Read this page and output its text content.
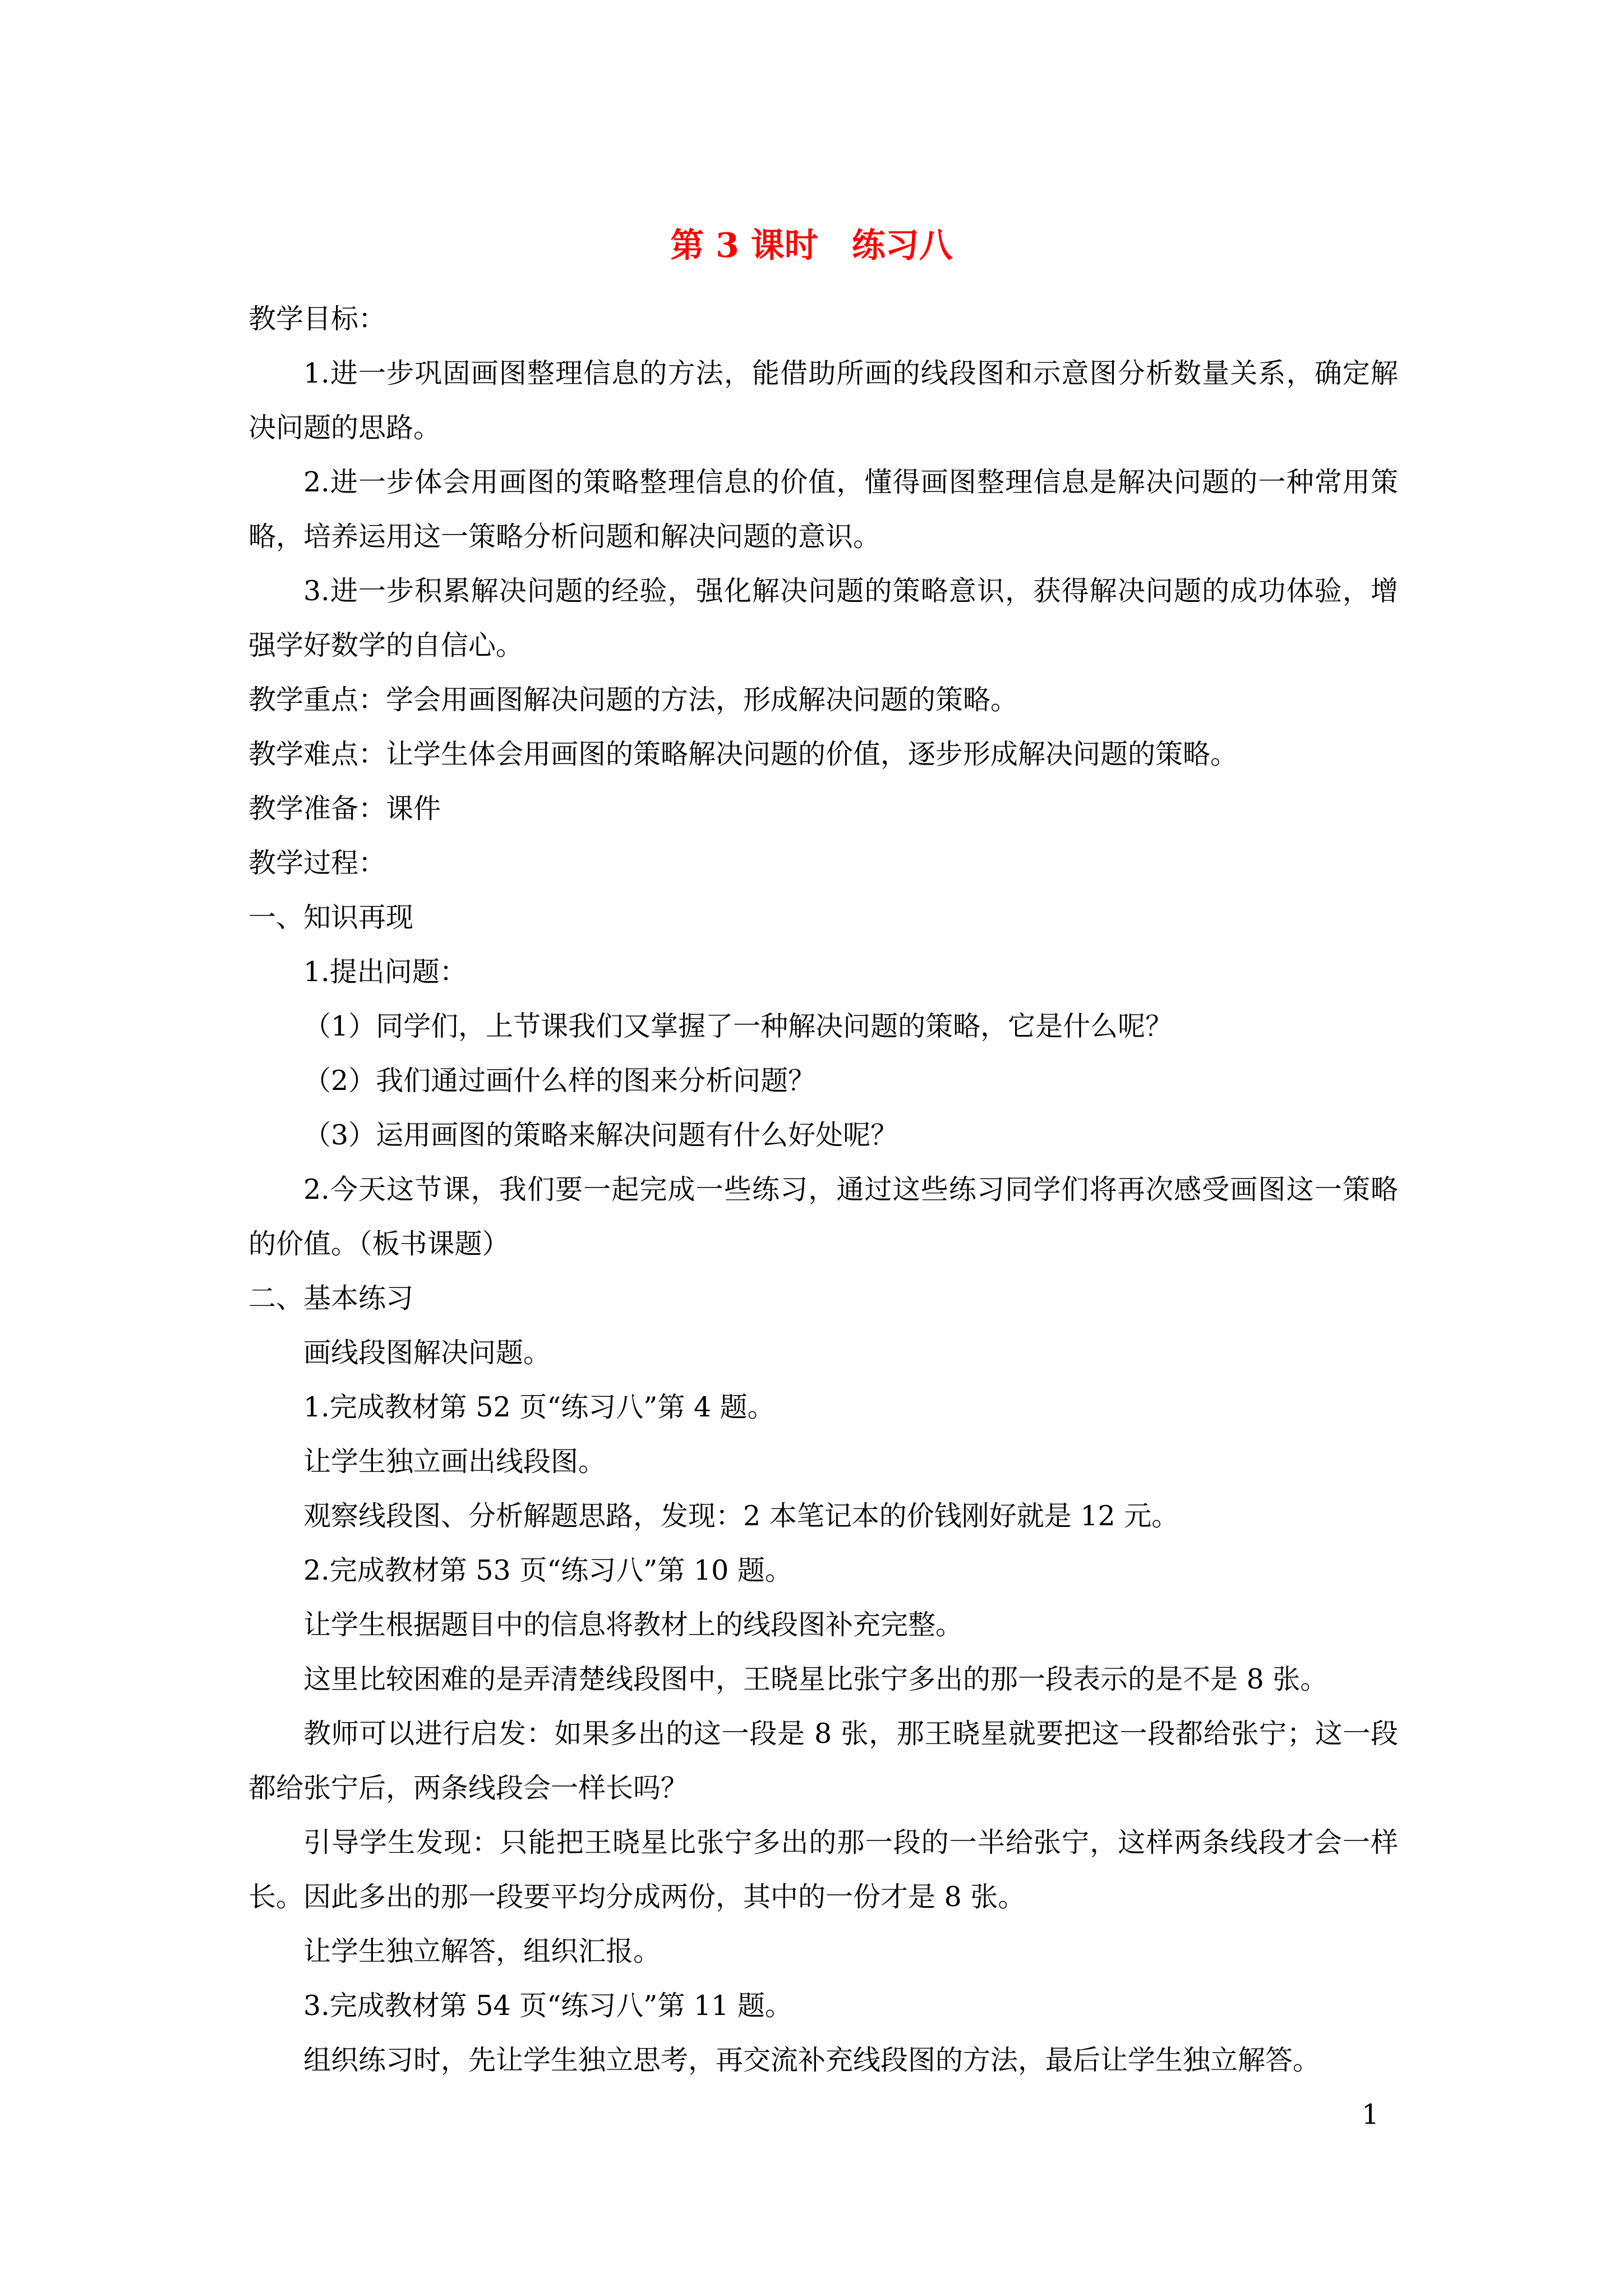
第 3 课时　练习八

教学目标：

1.进一步巩固画图整理信息的方法，能借助所画的线段图和示意图分析数量关系，确定解决问题的思路。

2.进一步体会用画图的策略整理信息的价值，懂得画图整理信息是解决问题的一种常用策略，培养运用这一策略分析问题和解决问题的意识。

3.进一步积累解决问题的经验，强化解决问题的策略意识，获得解决问题的成功体验，增强学好数学的自信心。

教学重点：学会用画图解决问题的方法，形成解决问题的策略。

教学难点：让学生体会用画图的策略解决问题的价值，逐步形成解决问题的策略。

教学准备：课件

教学过程：

一、知识再现

1.提出问题：

（1）同学们，上节课我们又掌握了一种解决问题的策略，它是什么呢？

（2）我们通过画什么样的图来分析问题？

（3）运用画图的策略来解决问题有什么好处呢？

2.今天这节课，我们要一起完成一些练习，通过这些练习同学们将再次感受画图这一策略的价值。（板书课题）

二、基本练习

画线段图解决问题。

1.完成教材第 52 页“练习八”第 4 题。

让学生独立画出线段图。

观察线段图、分析解题思路，发现：2 本笔记本的价钱刚好就是 12 元。

2.完成教材第 53 页“练习八”第 10 题。

让学生根据题目中的信息将教材上的线段图补充完整。

这里比较困难的是弄清楚线段图中，王晓星比张宁多出的那一段表示的是不是 8 张。

教师可以进行启发：如果多出的这一段是 8 张，那王晓星就要把这一段都给张宁；这一段都给张宁后，两条线段会一样长吗？

引导学生发现：只能把王晓星比张宁多出的那一段的一半给张宁，这样两条线段才会一样长。因此多出的那一段要平均分成两份，其中的一份才是 8 张。

让学生独立解答，组织汇报。

3.完成教材第 54 页“练习八”第 11 题。

组织练习时，先让学生独立思考，再交流补充线段图的方法，最后让学生独立解答。

1
